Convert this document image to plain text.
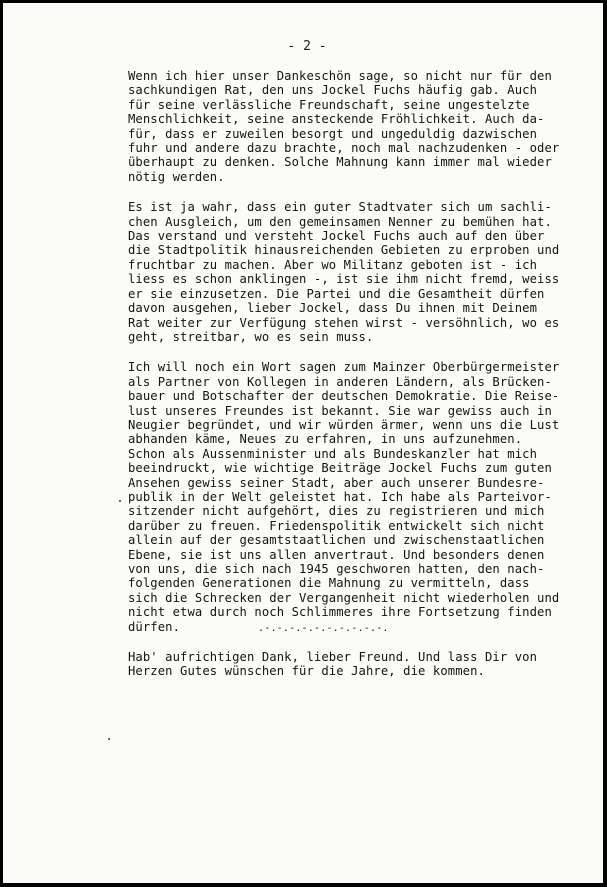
- 2 -

Wenn ich hier unser Dankeschön sage, so nicht nur für den
sachkundigen Rat, den uns Jockel Fuchs häufig gab. Auch
für seine verlässliche Freundschaft, seine ungestelzte
Menschlichkeit, seine ansteckende Fröhlichkeit. Auch da-
für, dass er zuweilen besorgt und ungeduldig dazwischen
fuhr und andere dazu brachte, noch mal nachzudenken - oder
überhaupt zu denken. Solche Mahnung kann immer mal wieder
nötig werden.

Es ist ja wahr, dass ein guter Stadtvater sich um sachli-
chen Ausgleich, um den gemeinsamen Nenner zu bemühen hat.
Das verstand und versteht Jockel Fuchs auch auf den über
die Stadtpolitik hinausreichenden Gebieten zu erproben und
fruchtbar zu machen. Aber wo Militanz geboten ist - ich
liess es schon anklingen -, ist sie ihm nicht fremd, weiss
er sie einzusetzen. Die Partei und die Gesamtheit dürfen
davon ausgehen, lieber Jockel, dass Du ihnen mit Deinem
Rat weiter zur Verfügung stehen wirst - versöhnlich, wo es
geht, streitbar, wo es sein muss.

Ich will noch ein Wort sagen zum Mainzer Oberbürgermeister
als Partner von Kollegen in anderen Ländern, als Brücken-
bauer und Botschafter der deutschen Demokratie. Die Reise-
lust unseres Freundes ist bekannt. Sie war gewiss auch in
Neugier begründet, und wir würden ärmer, wenn uns die Lust
abhanden käme, Neues zu erfahren, in uns aufzunehmen.
Schon als Aussenminister und als Bundeskanzler hat mich
beeindruckt, wie wichtige Beiträge Jockel Fuchs zum guten
Ansehen gewiss seiner Stadt, aber auch unserer Bundesre-
publik in der Welt geleistet hat. Ich habe als Parteivor-
sitzender nicht aufgehört, dies zu registrieren und mich
darüber zu freuen. Friedenspolitik entwickelt sich nicht
allein auf der gesamtstaatlichen und zwischenstaatlichen
Ebene, sie ist uns allen anvertraut. Und besonders denen
von uns, die sich nach 1945 geschworen hatten, den nach-
folgenden Generationen die Mahnung zu vermitteln, dass
sich die Schrecken der Vergangenheit nicht wiederholen und
nicht etwa durch noch Schlimmeres ihre Fortsetzung finden
dürfen.

Hab' aufrichtigen Dank, lieber Freund. Und lass Dir von
Herzen Gutes wünschen für die Jahre, die kommen.

.-.-.-.-.-.-.-.-.-.-.
